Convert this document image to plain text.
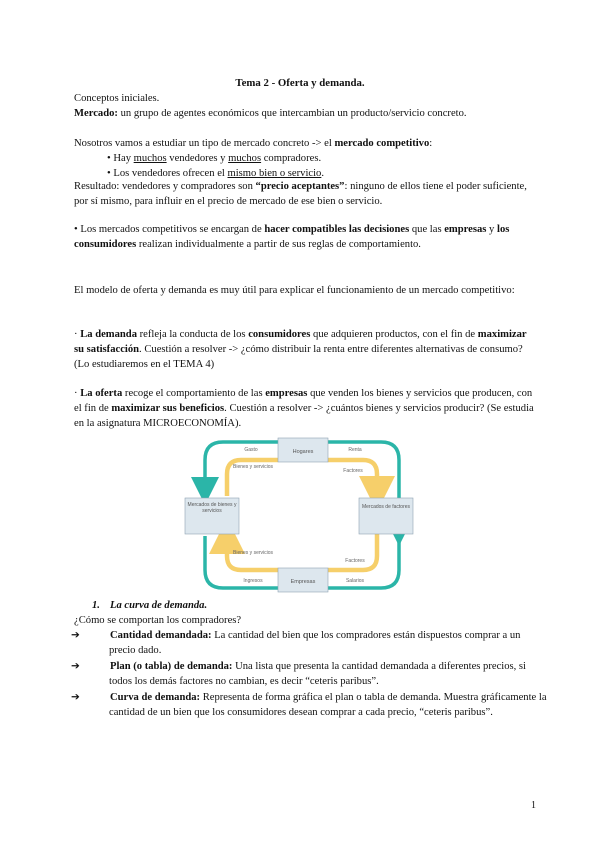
Tema 2 - Oferta y demanda.
Conceptos iniciales.
Mercado: un grupo de agentes económicos que intercambian un producto/servicio concreto.
Nosotros vamos a estudiar un tipo de mercado concreto -> el mercado competitivo:
• Hay muchos vendedores y muchos compradores.
• Los vendedores ofrecen el mismo bien o servicio.
Resultado: vendedores y compradores son “precio aceptantes”: ninguno de ellos tiene el poder suficiente, por sí mismo, para influir en el precio de mercado de ese bien o servicio.
• Los mercados competitivos se encargan de hacer compatibles las decisiones que las empresas y los consumidores realizan individualmente a partir de sus reglas de comportamiento.
El modelo de oferta y demanda es muy útil para explicar el funcionamiento de un mercado competitivo:
· La demanda refleja la conducta de los consumidores que adquieren productos, con el fin de maximizar su satisfacción. Cuestión a resolver -> ¿cómo distribuir la renta entre diferentes alternativas de consumo? (Lo estudiaremos en el TEMA 4)
· La oferta recoge el comportamiento de las empresas que venden los bienes y servicios que producen, con el fin de maximizar sus beneficios. Cuestión a resolver -> ¿cuántos bienes y servicios producir? (Se estudia en la asignatura MICROECONOMÍA).
Hogares
Empresas
Mercados de bienes y servicios
Mercados de factores
Gasto
Bienes y servicios
Renta
Factores
Factores
Salarios
Bienes y servicios
Ingresos
1. La curva de demanda.
¿Cómo se comportan los compradores?
➔	Cantidad demandada: La cantidad del bien que los compradores están dispuestos comprar a un precio dado.
➔	Plan (o tabla) de demanda: Una lista que presenta la cantidad demandada a diferentes precios, si todos los demás factores no cambian, es decir “ceteris paribus”.
➔	Curva de demanda: Representa de forma gráfica el plan o tabla de demanda. Muestra gráficamente la cantidad de un bien que los consumidores desean comprar a cada precio, “ceteris paribus”.
1
